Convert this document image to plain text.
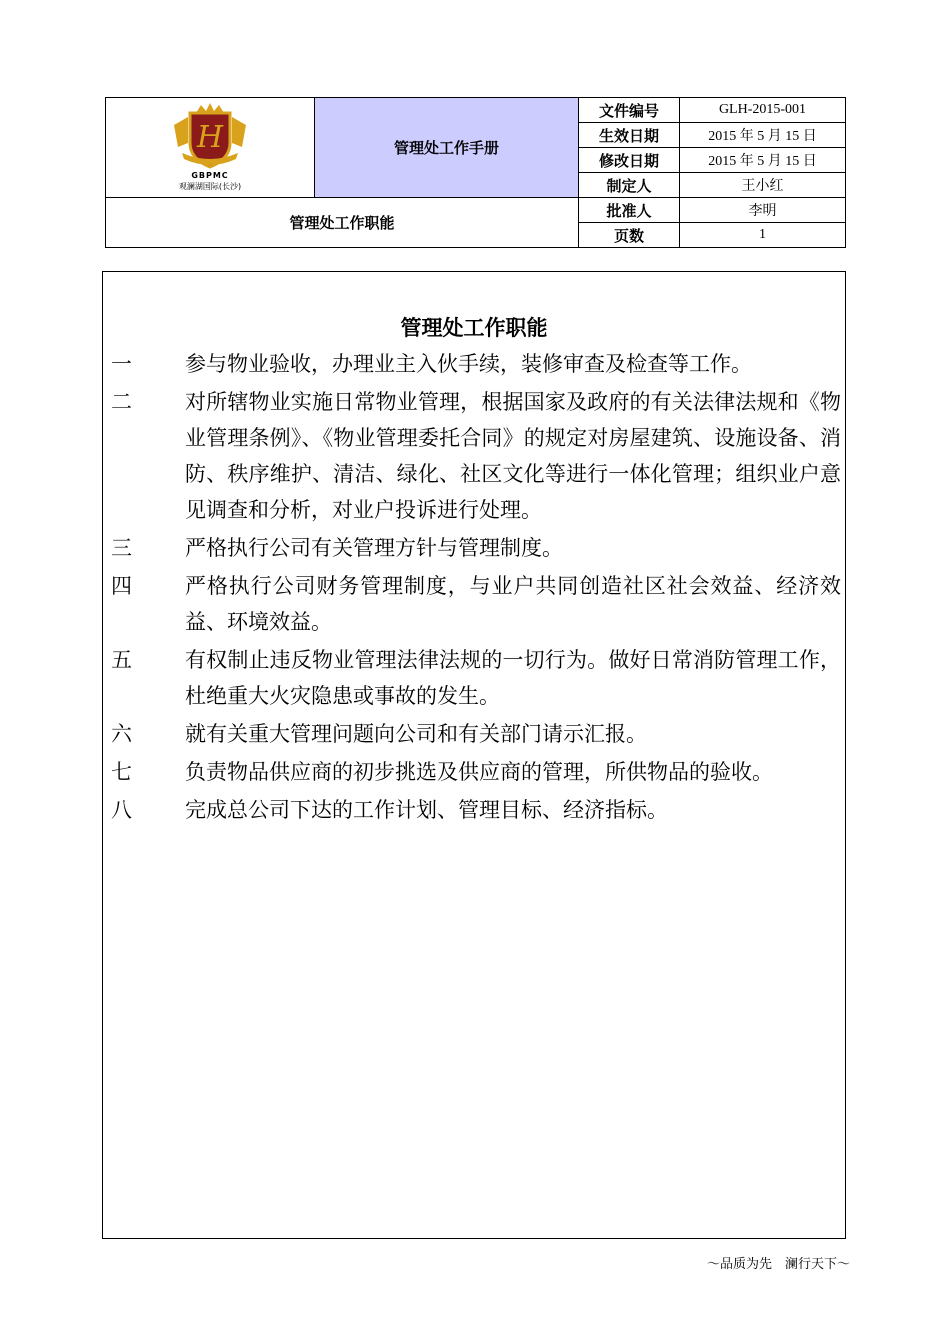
H
GBPMC
观澜湖国际(长沙)	管理处工作手册	文件编号	GLH-2015-001
		生效日期	2015 年 5 月 15 日
		修改日期	2015 年 5 月 15 日
		制定人	王小红
管理处工作职能		批准人	李明
		页数	1
管理处工作职能
一	参与物业验收，办理业主入伙手续，装修审查及检查等工作。
二	对所辖物业实施日常物业管理，根据国家及政府的有关法律法规和《物业管理条例》、《物业管理委托合同》的规定对房屋建筑、设施设备、消防、秩序维护、清洁、绿化、社区文化等进行一体化管理；组织业户意见调查和分析，对业户投诉进行处理。
三	严格执行公司有关管理方针与管理制度。
四	严格执行公司财务管理制度，与业户共同创造社区社会效益、经济效益、环境效益。
五	有权制止违反物业管理法律法规的一切行为。做好日常消防管理工作，杜绝重大火灾隐患或事故的发生。
六	就有关重大管理问题向公司和有关部门请示汇报。
七	负责物品供应商的初步挑选及供应商的管理，所供物品的验收。
八	完成总公司下达的工作计划、管理目标、经济指标。
～品质为先　澜行天下～
